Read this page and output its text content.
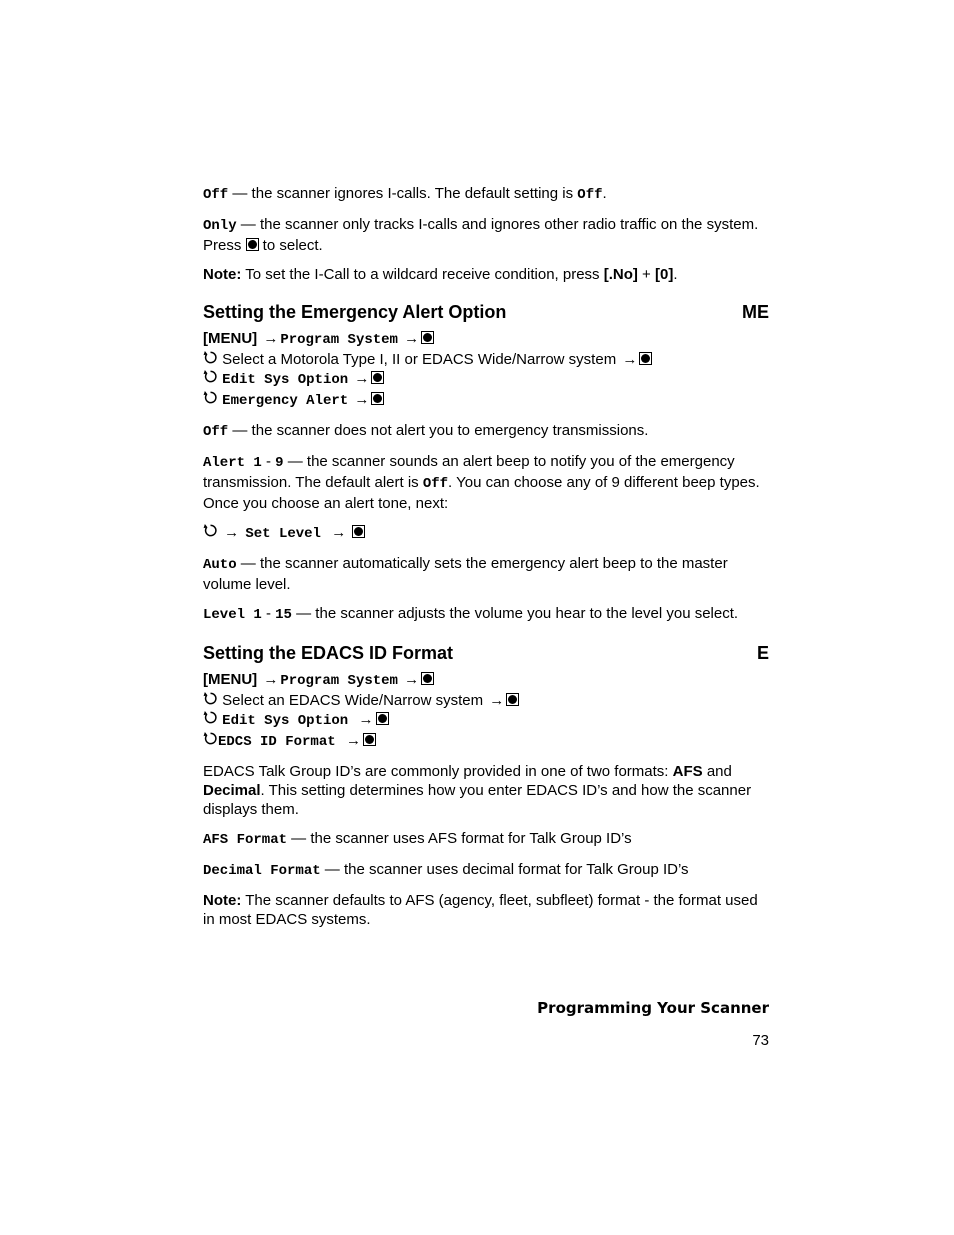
Off — the scanner ignores I-calls. The default setting is Off.

Only — the scanner only tracks I-calls and ignores other radio traffic on the system. Press  to select.

Note: To set the I-Call to a wildcard receive condition, press [.No] + [0].

Setting the Emergency Alert Option	ME
[MENU] → Program System →
Select a Motorola Type I, II or EDACS Wide/Narrow system →
Edit Sys Option →
Emergency Alert →

Off — the scanner does not alert you to emergency transmissions.

Alert 1 - 9 — the scanner sounds an alert beep to notify you of the emergency transmission. The default alert is Off. You can choose any of 9 different beep types. Once you choose an alert tone, next:

→ Set Level  →

Auto — the scanner automatically sets the emergency alert beep to the master volume level.

Level 1 - 15 — the scanner adjusts the volume you hear to the level you select.

Setting the EDACS ID Format	E
[MENU] → Program System →
Select an EDACS Wide/Narrow system →
Edit Sys Option  →
EDCS ID Format  →

EDACS Talk Group ID’s are commonly provided in one of two formats: AFS and Decimal. This setting determines how you enter EDACS ID’s and how the scanner displays them.

AFS Format — the scanner uses AFS format for Talk Group ID’s

Decimal Format — the scanner uses decimal format for Talk Group ID’s

Note: The scanner defaults to AFS (agency, fleet, subfleet) format - the format used in most EDACS systems.

Programming Your Scanner
73
